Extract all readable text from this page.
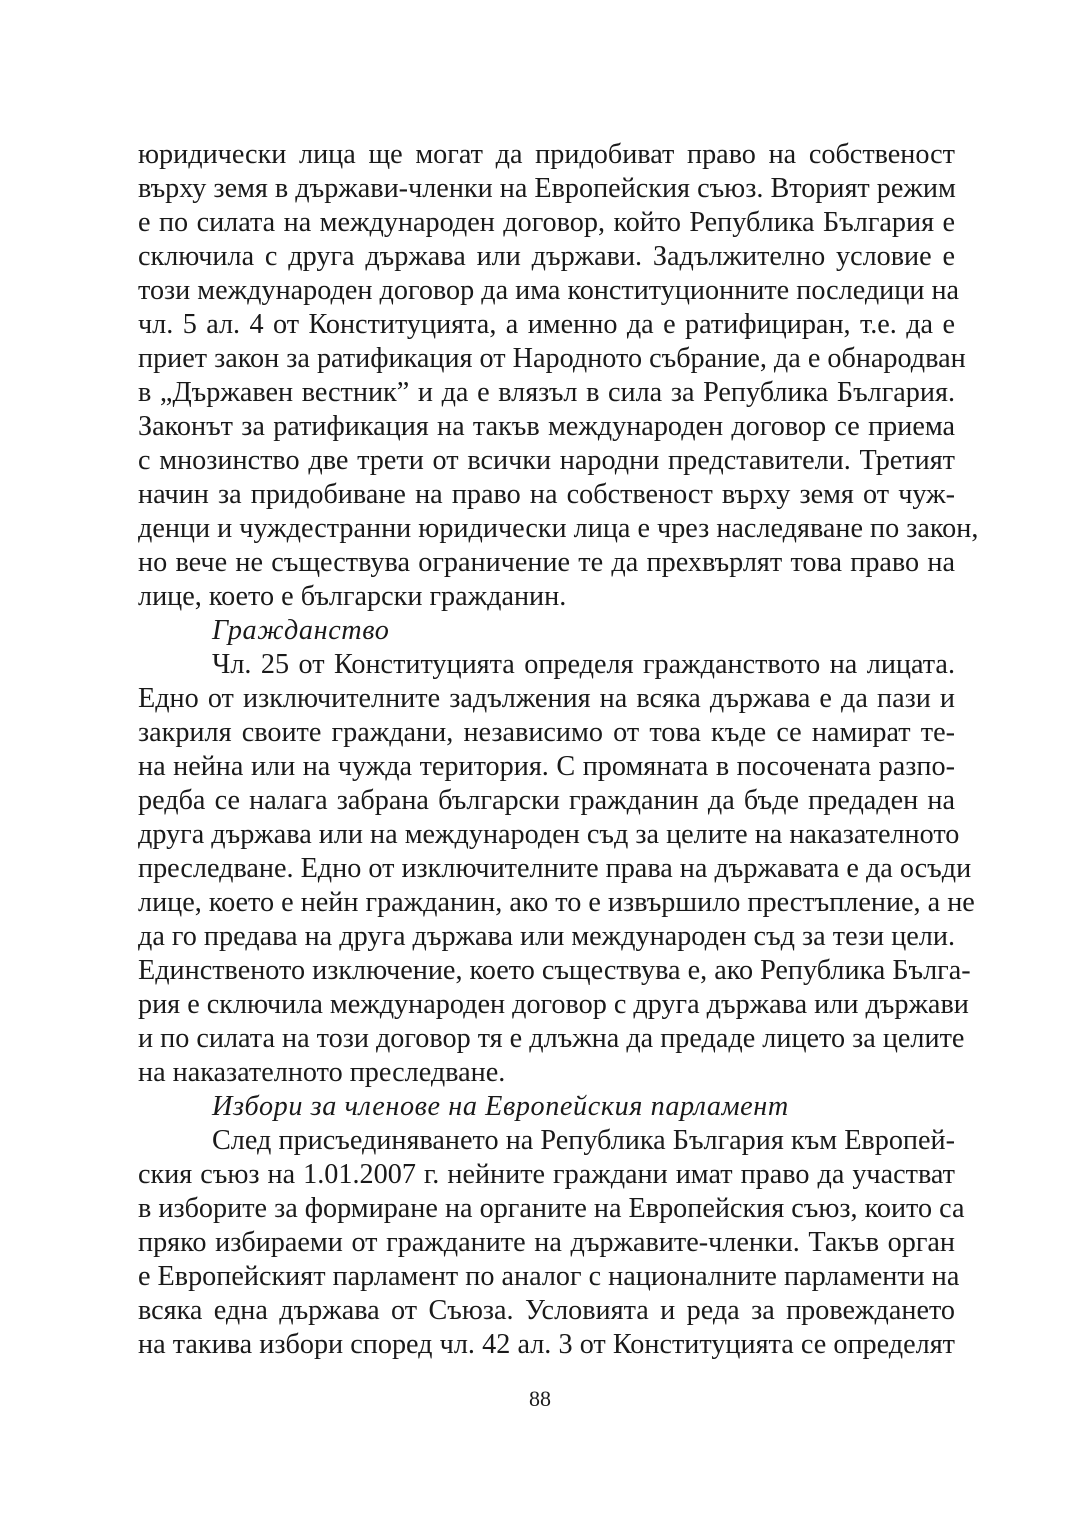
юридически лица ще могат да придобиват право на собственост
върху земя в държави-членки на Европейския съюз. Вторият режим
е по силата на международен договор, който Република България е
сключила с друга държава или държави. Задължително условие е
този международен договор да има конституционните последици на
чл. 5 ал. 4 от Конституцията, а именно да е ратифициран, т.е. да е
приет закон за ратификация от Народното събрание, да е обнародван
в „Държавен вестник” и да е влязъл в сила за Република България.
Законът за ратификация на такъв международен договор се приема
с мнозинство две трети от всички народни представители. Третият
начин за придобиване на право на собственост върху земя от чуж-
денци и чуждестранни юридически лица е чрез наследяване по закон,
но вече не съществува ограничение те да прехвърлят това право на
лице, което е български гражданин.
Гражданство
Чл. 25 от Конституцията определя гражданството на лицата.
Едно от изключителните задължения на всяка държава е да пази и
закриля своите граждани, независимо от това къде се намират те-
на нейна или на чужда територия. С промяната в посочената разпо-
редба се налага забрана български гражданин да бъде предаден на
друга държава или на международен съд за целите на наказателното
преследване. Едно от изключителните права на държавата е да осъди
лице, което е нейн гражданин, ако то е извършило престъпление, а не
да го предава на друга държава или международен съд за тези цели.
Единственото изключение, което съществува е, ако Република Бълга-
рия е сключила международен договор с друга държава или държави
и по силата на този договор тя е длъжна да предаде лицето за целите
на наказателното преследване.
Избори за членове на Европейския парламент
След присъединяването на Република България към Европей-
ския съюз на 1.01.2007 г. нейните граждани имат право да участват
в изборите за формиране на органите на Европейския съюз, които са
пряко избираеми от гражданите на държавите-членки. Такъв орган
е Европейският парламент по аналог с националните парламенти на
всяка една държава от Съюза. Условията и реда за провеждането
на такива избори според чл. 42 ал. 3 от Конституцията се определят
88
